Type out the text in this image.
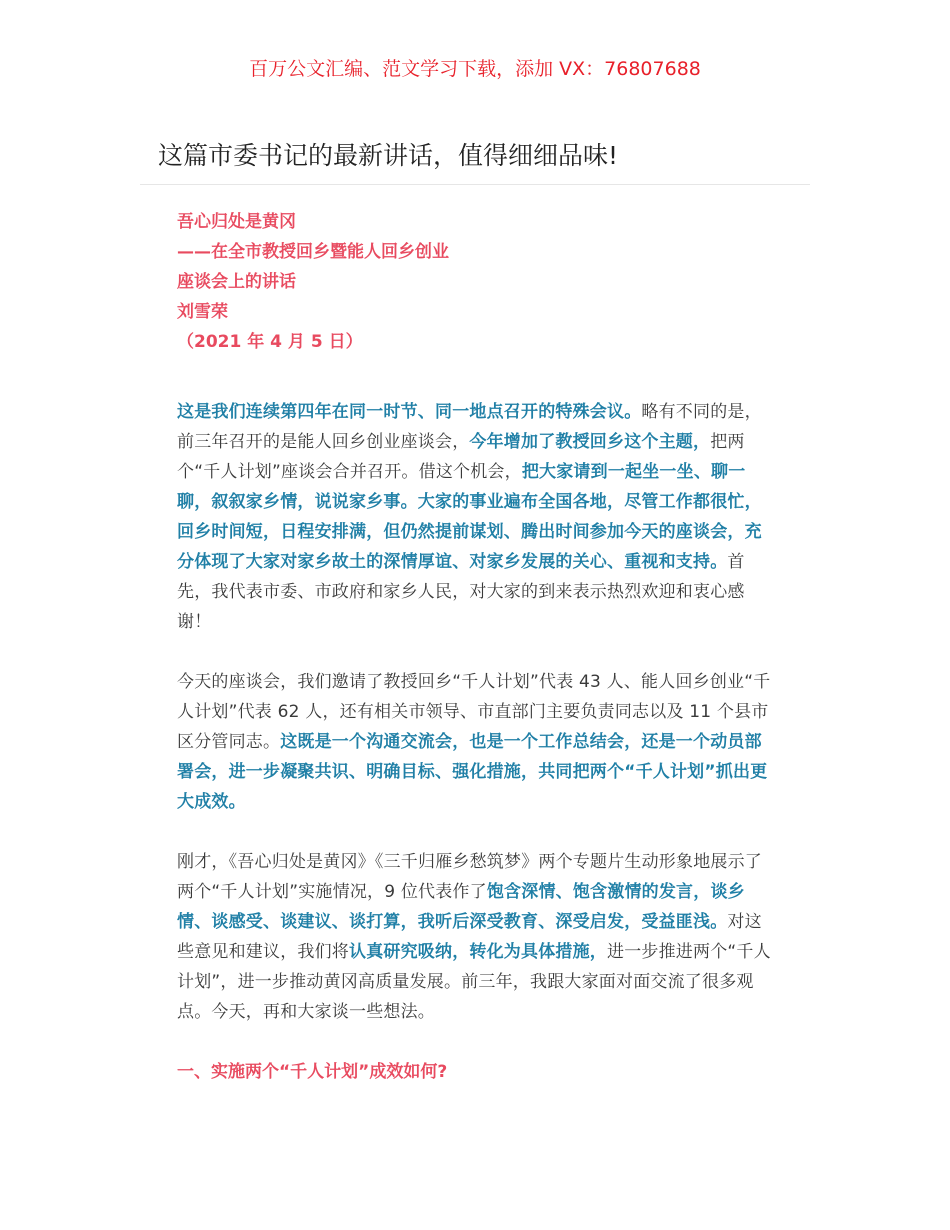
百万公文汇编、范文学习下载，添加 VX：76807688
这篇市委书记的最新讲话，值得细细品味!
吾心归处是黄冈
——在全市教授回乡暨能人回乡创业
座谈会上的讲话
刘雪荣
（2021 年 4 月 5 日）
这是我们连续第四年在同一时节、同一地点召开的特殊会议。略有不同的是，前三年召开的是能人回乡创业座谈会，今年增加了教授回乡这个主题，把两个“千人计划”座谈会合并召开。借这个机会，把大家请到一起坐一坐、聊一聊，叙叙家乡情，说说家乡事。大家的事业遍布全国各地，尽管工作都很忙，回乡时间短，日程安排满，但仍然提前谋划、腾出时间参加今天的座谈会，充分体现了大家对家乡故土的深情厚谊、对家乡发展的关心、重视和支持。首先，我代表市委、市政府和家乡人民，对大家的到来表示热烈欢迎和衷心感谢！
今天的座谈会，我们邀请了教授回乡“千人计划”代表 43 人、能人回乡创业“千人计划”代表 62 人，还有相关市领导、市直部门主要负责同志以及 11 个县市区分管同志。这既是一个沟通交流会，也是一个工作总结会，还是一个动员部署会，进一步凝聚共识、明确目标、强化措施，共同把两个“千人计划”抓出更大成效。
刚才，《吾心归处是黄冈》《三千归雁乡愁筑梦》两个专题片生动形象地展示了两个“千人计划”实施情况，9 位代表作了饱含深情、饱含激情的发言，谈乡情、谈感受、谈建议、谈打算，我听后深受教育、深受启发，受益匪浅。对这些意见和建议，我们将认真研究吸纳，转化为具体措施，进一步推进两个“千人计划”，进一步推动黄冈高质量发展。前三年，我跟大家面对面交流了很多观点。今天，再和大家谈一些想法。
一、实施两个“千人计划”成效如何?
